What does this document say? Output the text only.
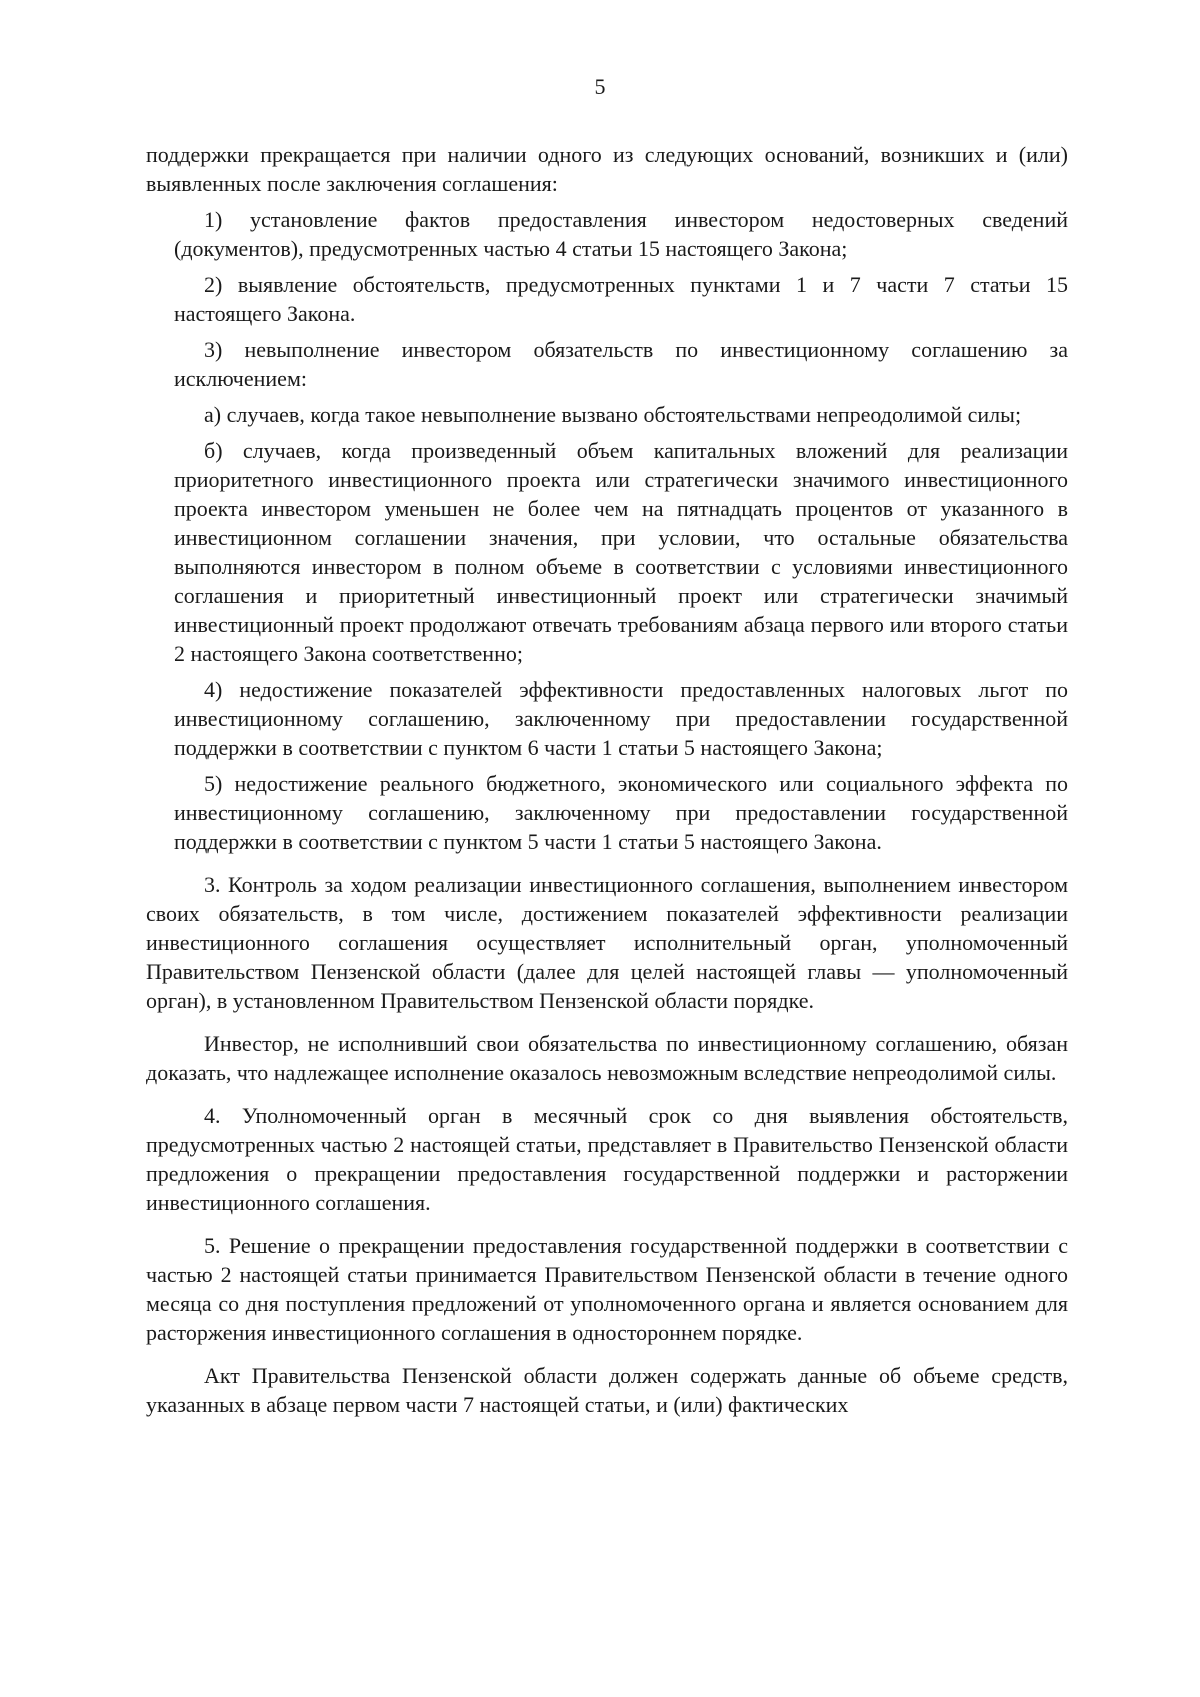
5

поддержки прекращается при наличии одного из следующих оснований, возникших и (или) выявленных после заключения соглашения:

1) установление фактов предоставления инвестором недостоверных сведений (документов), предусмотренных частью 4 статьи 15 настоящего Закона;

2) выявление обстоятельств, предусмотренных пунктами 1 и 7 части 7 статьи 15 настоящего Закона.

3) невыполнение инвестором обязательств по инвестиционному соглашению за исключением:

а) случаев, когда такое невыполнение вызвано обстоятельствами непреодолимой силы;

б) случаев, когда произведенный объем капитальных вложений для реализации приоритетного инвестиционного проекта или стратегически значимого инвестиционного проекта инвестором уменьшен не более чем на пятнадцать процентов от указанного в инвестиционном соглашении значения, при условии, что остальные обязательства выполняются инвестором в полном объеме в соответствии с условиями инвестиционного соглашения и приоритетный инвестиционный проект или стратегически значимый инвестиционный проект продолжают отвечать требованиям абзаца первого или второго статьи 2 настоящего Закона соответственно;

4) недостижение показателей эффективности предоставленных налоговых льгот по инвестиционному соглашению, заключенному при предоставлении государственной поддержки в соответствии с пунктом 6 части 1 статьи 5 настоящего Закона;

5) недостижение реального бюджетного, экономического или социального эффекта по инвестиционному соглашению, заключенному при предоставлении государственной поддержки в соответствии с пунктом 5 части 1 статьи 5 настоящего Закона.

3. Контроль за ходом реализации инвестиционного соглашения, выполнением инвестором своих обязательств, в том числе, достижением показателей эффективности реализации инвестиционного соглашения осуществляет исполнительный орган, уполномоченный Правительством Пензенской области (далее для целей настоящей главы — уполномоченный орган), в установленном Правительством Пензенской области порядке.

Инвестор, не исполнивший свои обязательства по инвестиционному соглашению, обязан доказать, что надлежащее исполнение оказалось невозможным вследствие непреодолимой силы.

4. Уполномоченный орган в месячный срок со дня выявления обстоятельств, предусмотренных частью 2 настоящей статьи, представляет в Правительство Пензенской области предложения о прекращении предоставления государственной поддержки и расторжении инвестиционного соглашения.

5. Решение о прекращении предоставления государственной поддержки в соответствии с частью 2 настоящей статьи принимается Правительством Пензенской области в течение одного месяца со дня поступления предложений от уполномоченного органа и является основанием для расторжения инвестиционного соглашения в одностороннем порядке.

Акт Правительства Пензенской области должен содержать данные об объеме средств, указанных в абзаце первом части 7 настоящей статьи, и (или) фактических
